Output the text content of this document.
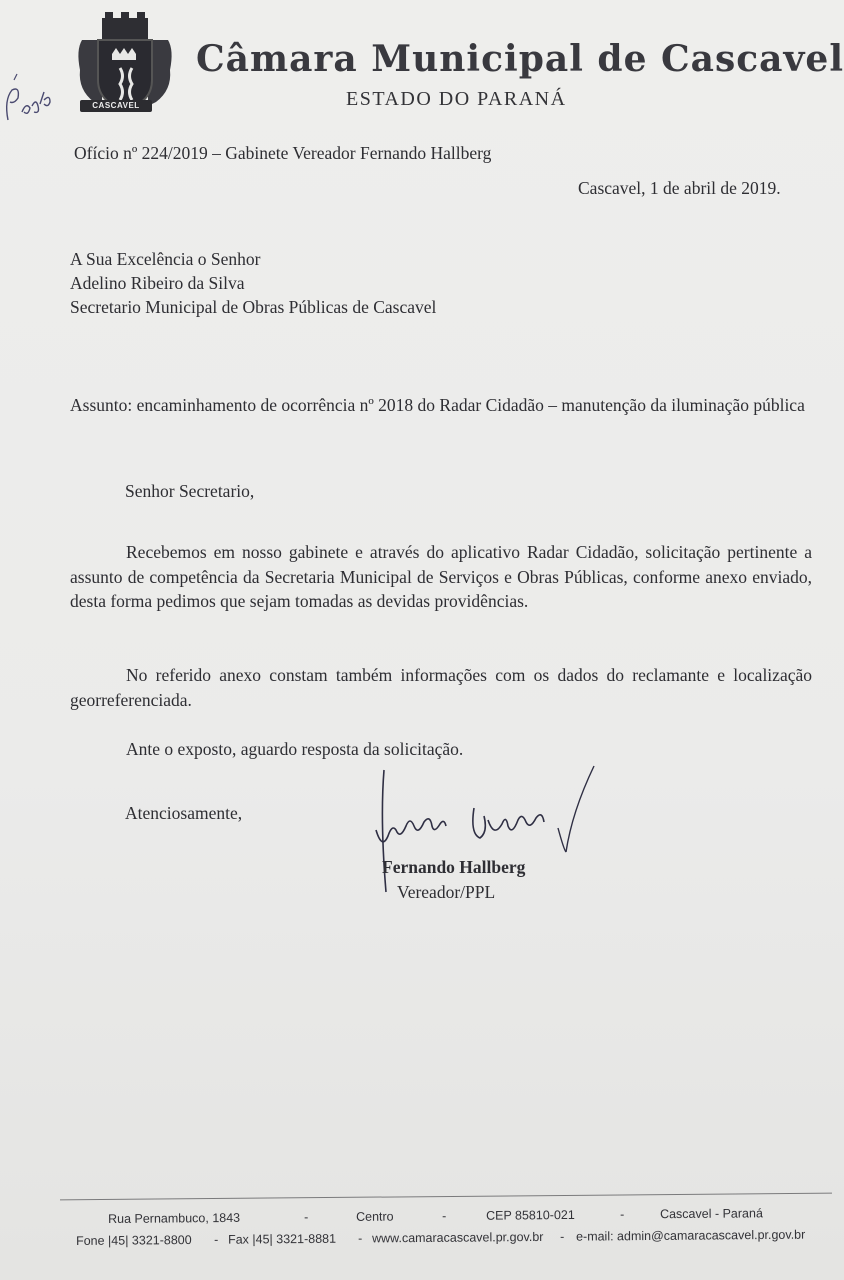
CASCAVEL
Câmara Municipal de Cascavel
ESTADO DO PARANÁ
Ofício nº 224/2019 – Gabinete Vereador Fernando Hallberg
Cascavel, 1 de abril de 2019.
A Sua Excelência o Senhor
Adelino Ribeiro da Silva
Secretario Municipal de Obras Públicas de Cascavel
Assunto: encaminhamento de ocorrência nº 2018 do Radar Cidadão – manutenção da iluminação pública
Senhor Secretario,
Recebemos em nosso gabinete e através do aplicativo Radar Cidadão, solicitação pertinente a assunto de competência da Secretaria Municipal de Serviços e Obras Públicas, conforme anexo enviado, desta forma pedimos que sejam tomadas as devidas providências.
No referido anexo constam também informações com os dados do reclamante e localização georreferenciada.
Ante o exposto, aguardo resposta da solicitação.
Atenciosamente,
Fernando Hallberg
Vereador/PPL
Rua Pernambuco, 1843	-	Centro	-	CEP 85810-021	-	Cascavel - Paraná
Fone |45| 3321-8800 - Fax |45| 3321-8881 - www.camaracascavel.pr.gov.br - e-mail: admin@camaracascavel.pr.gov.br
